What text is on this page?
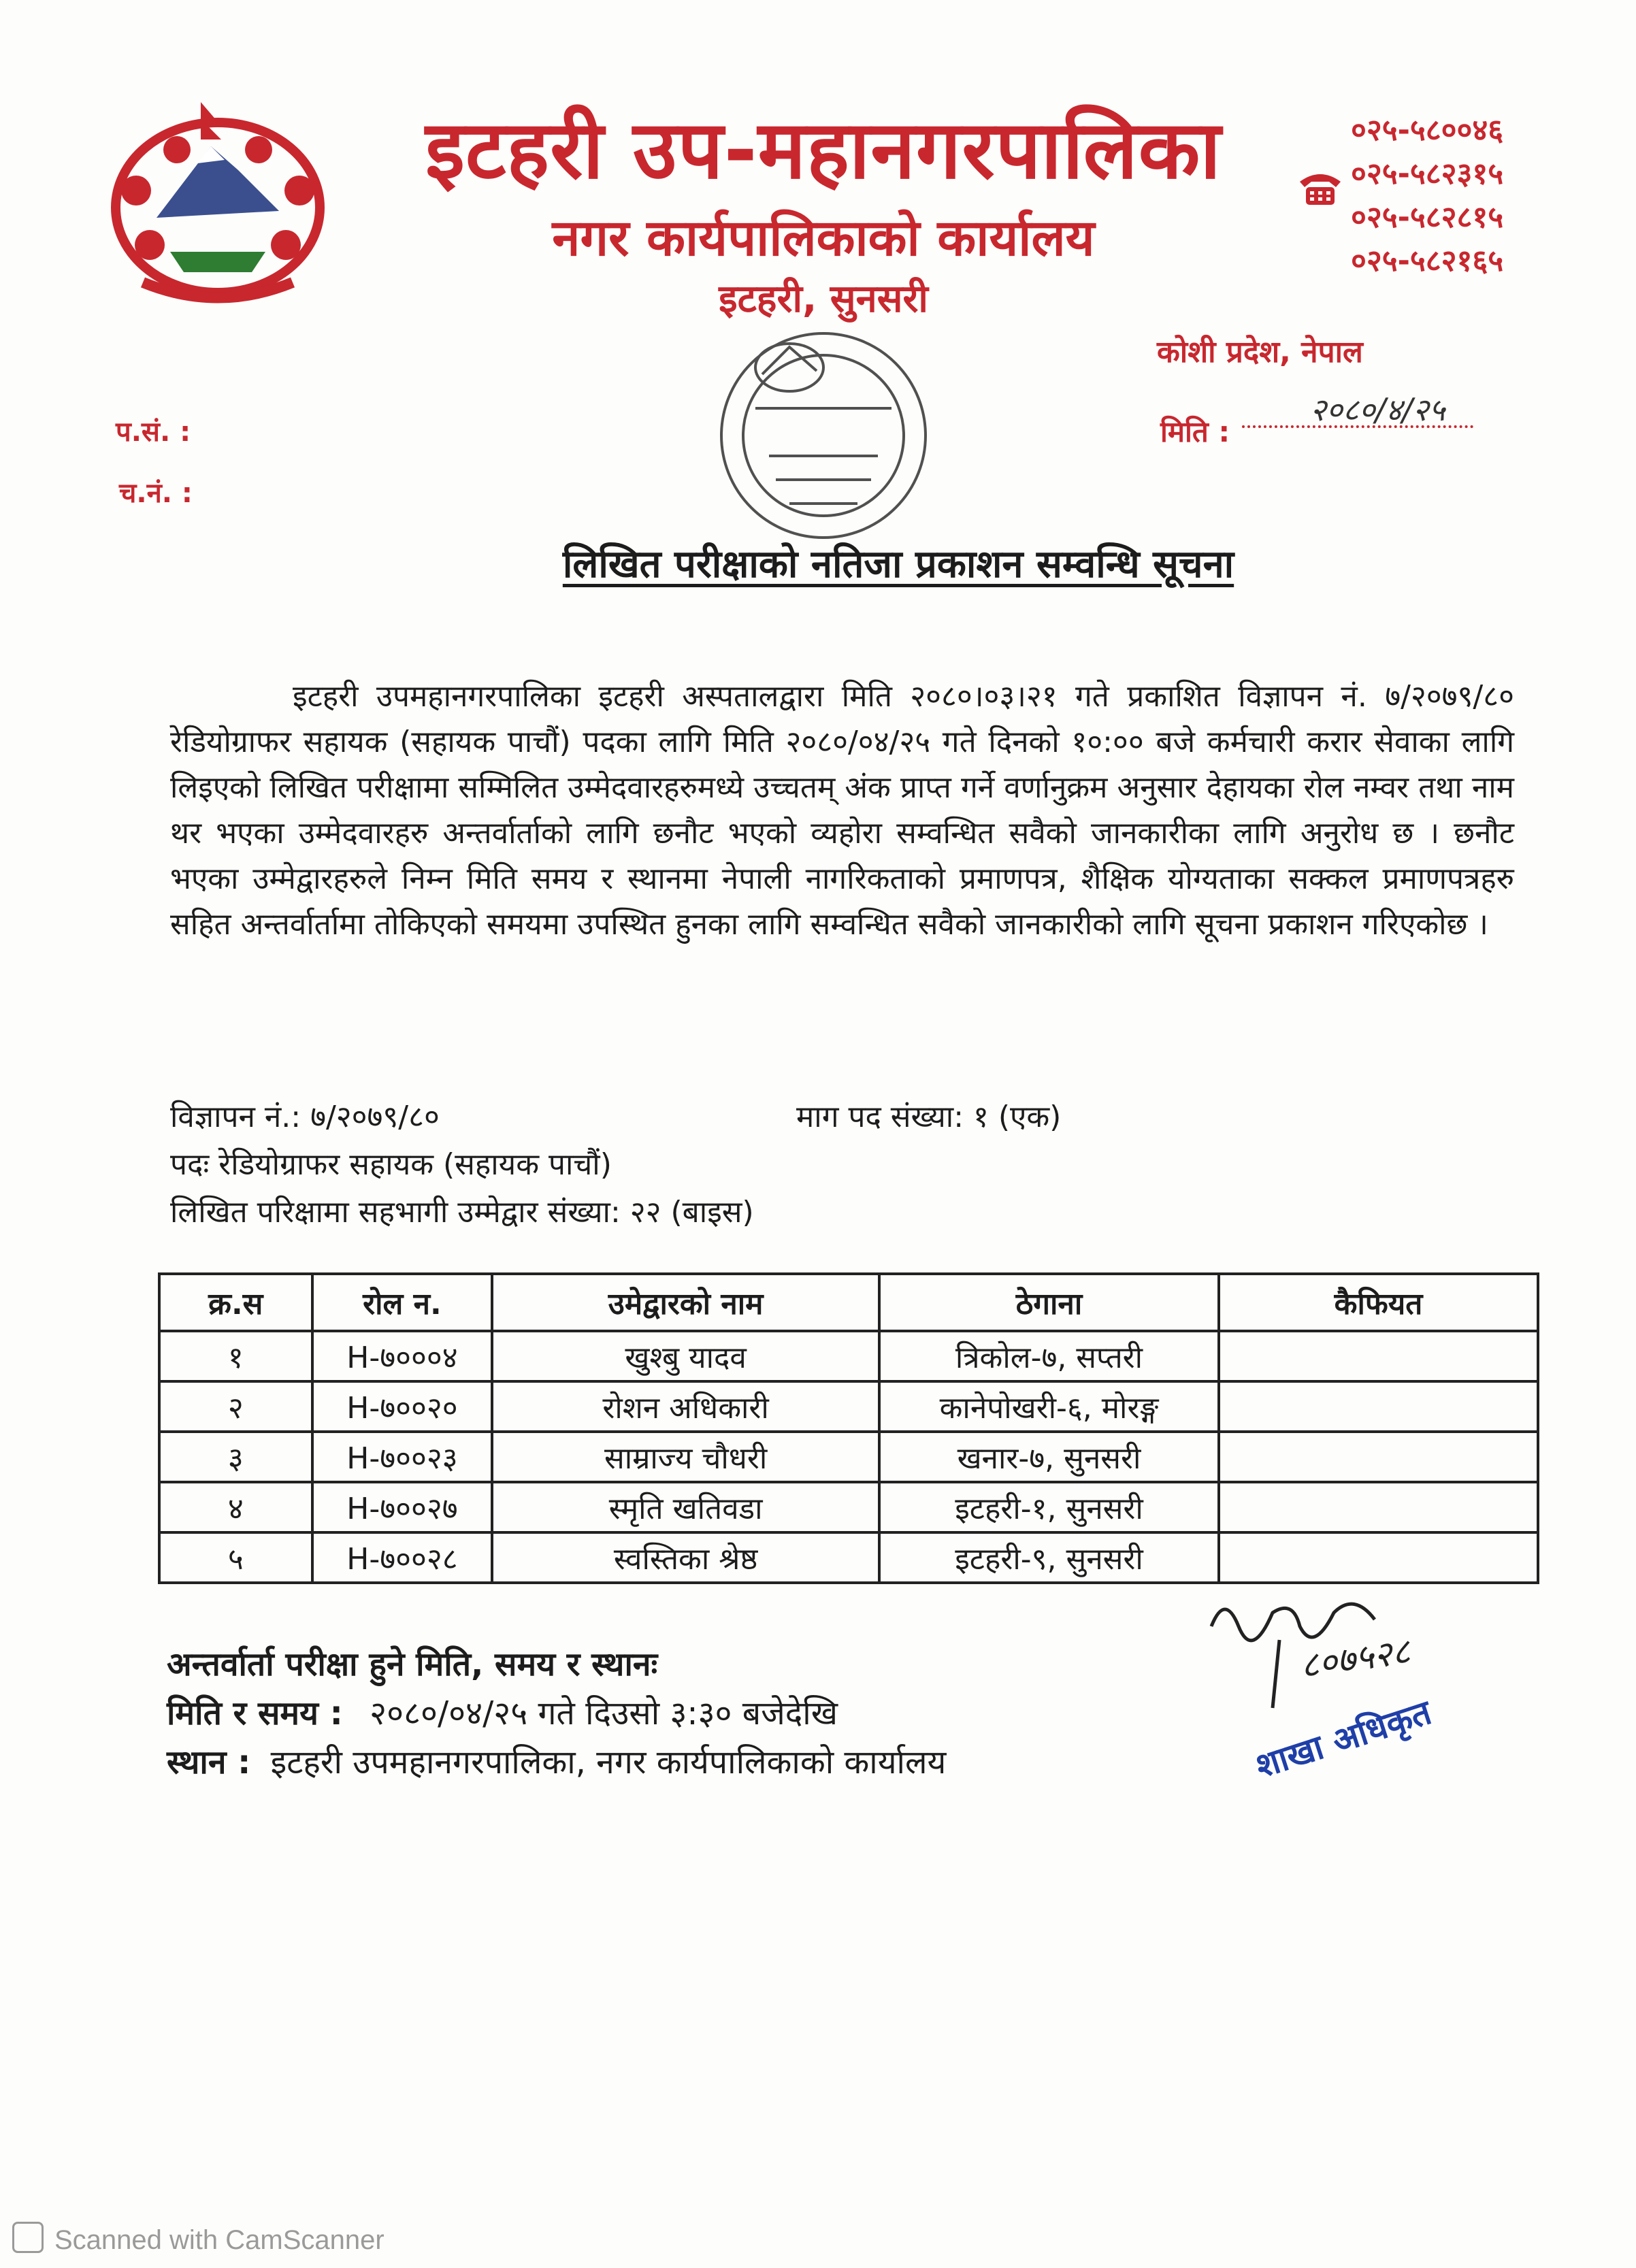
इटहरी उप-महानगरपालिका
नगर कार्यपालिकाको कार्यालय
इटहरी, सुनसरी
०२५-५८००४६
०२५-५८२३१५
०२५-५८२८१५
०२५-५८२१६५
कोशी प्रदेश, नेपाल
प.सं. :
च.नं. :
मिति :
२०८०/४/२५
लिखित परीक्षाको नतिजा प्रकाशन सम्वन्धि सूचना
इटहरी उपमहानगरपालिका इटहरी अस्पतालद्वारा मिति २०८०।०३।२१ गते प्रकाशित विज्ञापन नं. ७/२०७९/८० रेडियोग्राफर सहायक (सहायक पाचौं) पदका लागि मिति २०८०/०४/२५ गते दिनको १०:०० बजे कर्मचारी करार सेवाका लागि लिइएको लिखित परीक्षामा सम्मिलित उम्मेदवारहरुमध्ये उच्चतम् अंक प्राप्त गर्ने वर्णानुक्रम अनुसार देहायका रोल नम्वर तथा नाम थर भएका उम्मेदवारहरु अन्तर्वार्ताको लागि छनौट भएको व्यहोरा सम्वन्धित सवैको जानकारीका लागि अनुरोध छ । छनौट भएका उम्मेद्वारहरुले निम्न मिति समय र स्थानमा नेपाली नागरिकताको प्रमाणपत्र, शैक्षिक योग्यताका सक्कल प्रमाणपत्रहरु सहित अन्तर्वार्तामा तोकिएको समयमा उपस्थित हुनका लागि सम्वन्धित सवैको जानकारीको लागि सूचना प्रकाशन गरिएकोछ ।
विज्ञापन नं.: ७/२०७९/८०	माग पद संख्या: १ (एक)
पदः रेडियोग्राफर सहायक (सहायक पाचौं)
लिखित परिक्षामा सहभागी उम्मेद्वार संख्या: २२ (बाइस)
क्र.स	रोल न.	उमेद्वारको नाम	ठेगाना	कैफियत
१	H-७०००४	खुश्बु यादव	त्रिकोल-७, सप्तरी	
२	H-७००२०	रोशन अधिकारी	कानेपोखरी-६, मोरङ्ग	
३	H-७००२३	साम्राज्य चौधरी	खनार-७, सुनसरी	
४	H-७००२७	स्मृति खतिवडा	इटहरी-१, सुनसरी	
५	H-७००२८	स्वस्तिका श्रेष्ठ	इटहरी-९, सुनसरी	
अन्तर्वार्ता परीक्षा हुने मिति, समय र स्थानः
मिति र समय : २०८०/०४/२५ गते दिउसो ३:३० बजेदेखि
स्थान : इटहरी उपमहानगरपालिका, नगर कार्यपालिकाको कार्यालय
८०७५२८
शाखा अधिकृत
Scanned with CamScanner
